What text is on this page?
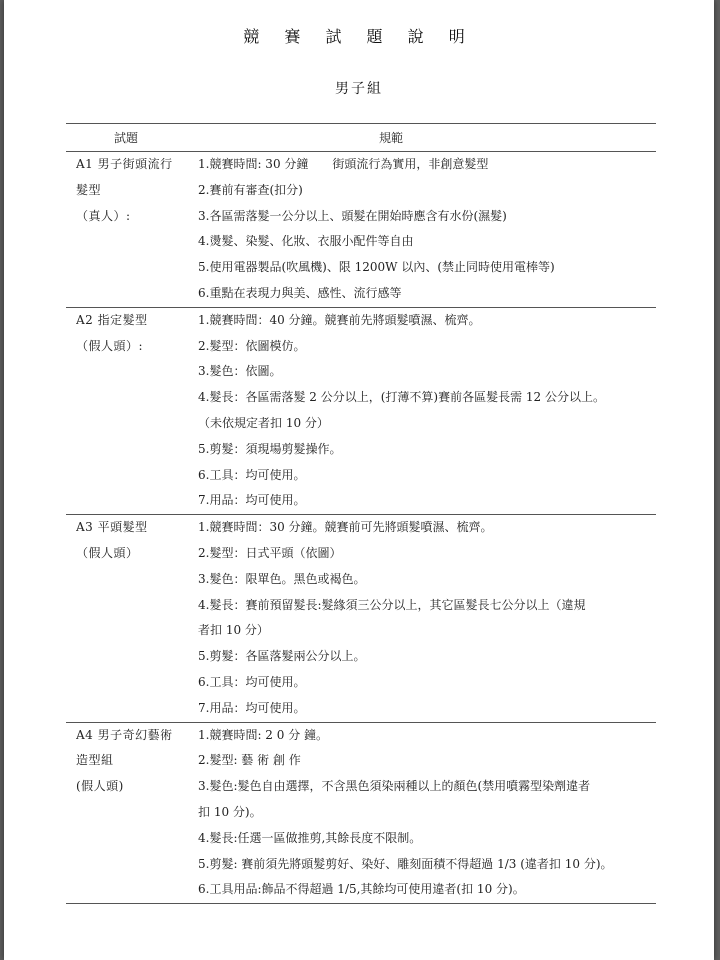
競 賽 試 題 說 明
男子組
試題	規範
A1 男子街頭流行
髮型
（真人）:
1.競賽時間: 30 分鐘　　街頭流行為實用，非創意髮型
2.賽前有審查(扣分)
3.各區需落髮一公分以上、頭髮在開始時應含有水份(濕髮)
4.燙髮、染髮、化妝、衣服小配件等自由
5.使用電器製品(吹風機)、限 1200W 以內、(禁止同時使用電棒等)
6.重點在表現力與美、感性、流行感等
A2 指定髮型
（假人頭）:
1.競賽時間：40 分鐘。競賽前先將頭髮噴濕、梳齊。
2.髮型：依圖模仿。
3.髮色：依圖。
4.髮長：各區需落髮 2 公分以上，(打薄不算)賽前各區髮長需 12 公分以上。
（未依規定者扣 10 分）
5.剪髮：須現場剪髮操作。
6.工具：均可使用。
7.用品：均可使用。
A3 平頭髮型
（假人頭）
1.競賽時間：30 分鐘。競賽前可先將頭髮噴濕、梳齊。
2.髮型：日式平頭（依圖）
3.髮色：限單色。黑色或褐色。
4.髮長：賽前預留髮長:髮緣須三公分以上，其它區髮長七公分以上（違規
者扣 10 分）
5.剪髮：各區落髮兩公分以上。
6.工具：均可使用。
7.用品：均可使用。
A4 男子奇幻藝術
造型組
(假人頭)
1.競賽時間: 2 0 分 鐘。
2.髮型: 藝 術 創 作
3.髮色:髮色自由選擇，不含黑色須染兩種以上的顏色(禁用噴霧型染劑違者
扣 10 分)。
4.髮長:任選一區做推剪,其餘長度不限制。
5.剪髮: 賽前須先將頭髮剪好、染好、雕刻面積不得超過 1/3 (違者扣 10 分)。
6.工具用品:飾品不得超過 1/5,其餘均可使用違者(扣 10 分)。
